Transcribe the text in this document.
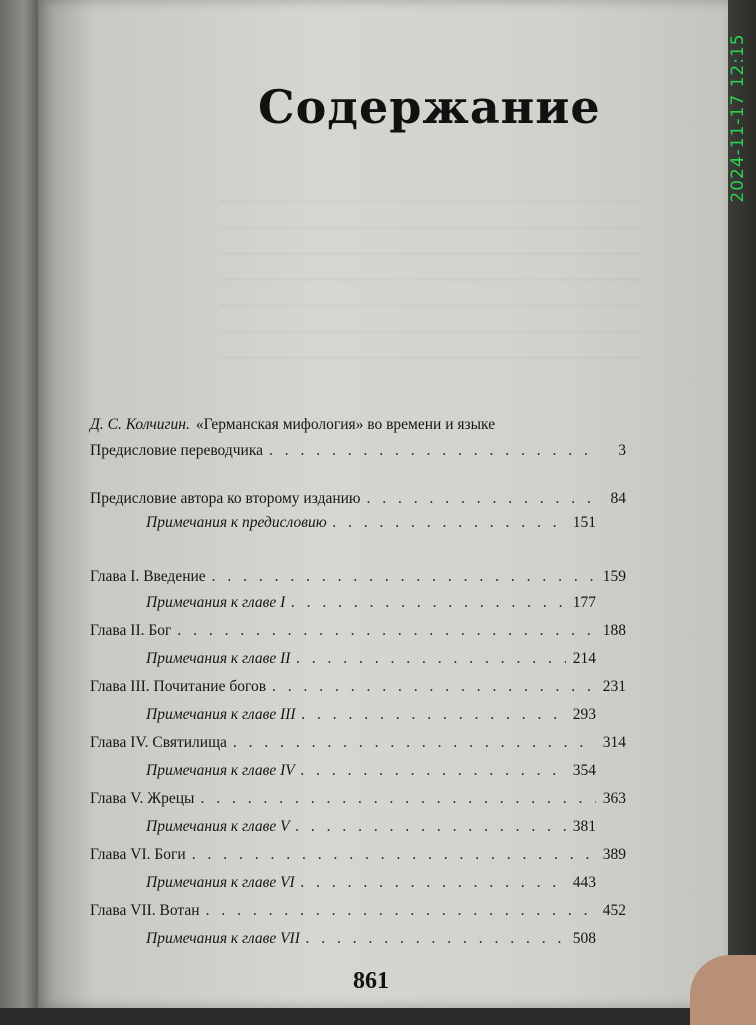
2024-11-17 12:15
Содержание
Д. С. Колчигин. «Германская мифология» во времени и языке
Предисловие переводчика . . .	3
Предисловие автора ко второму изданию . . .	84
Примечания к предисловию . . .	151
Глава I. Введение . . .	159
Примечания к главе I . . .	177
Глава II. Бог . . .	188
Примечания к главе II . . .	214
Глава III. Почитание богов . . .	231
Примечания к главе III . . .	293
Глава IV. Святилища . . .	314
Примечания к главе IV . . .	354
Глава V. Жрецы . . .	363
Примечания к главе V . . .	381
Глава VI. Боги . . .	389
Примечания к главе VI . . .	443
Глава VII. Вотан . . .	452
Примечания к главе VII . . .	508
861
